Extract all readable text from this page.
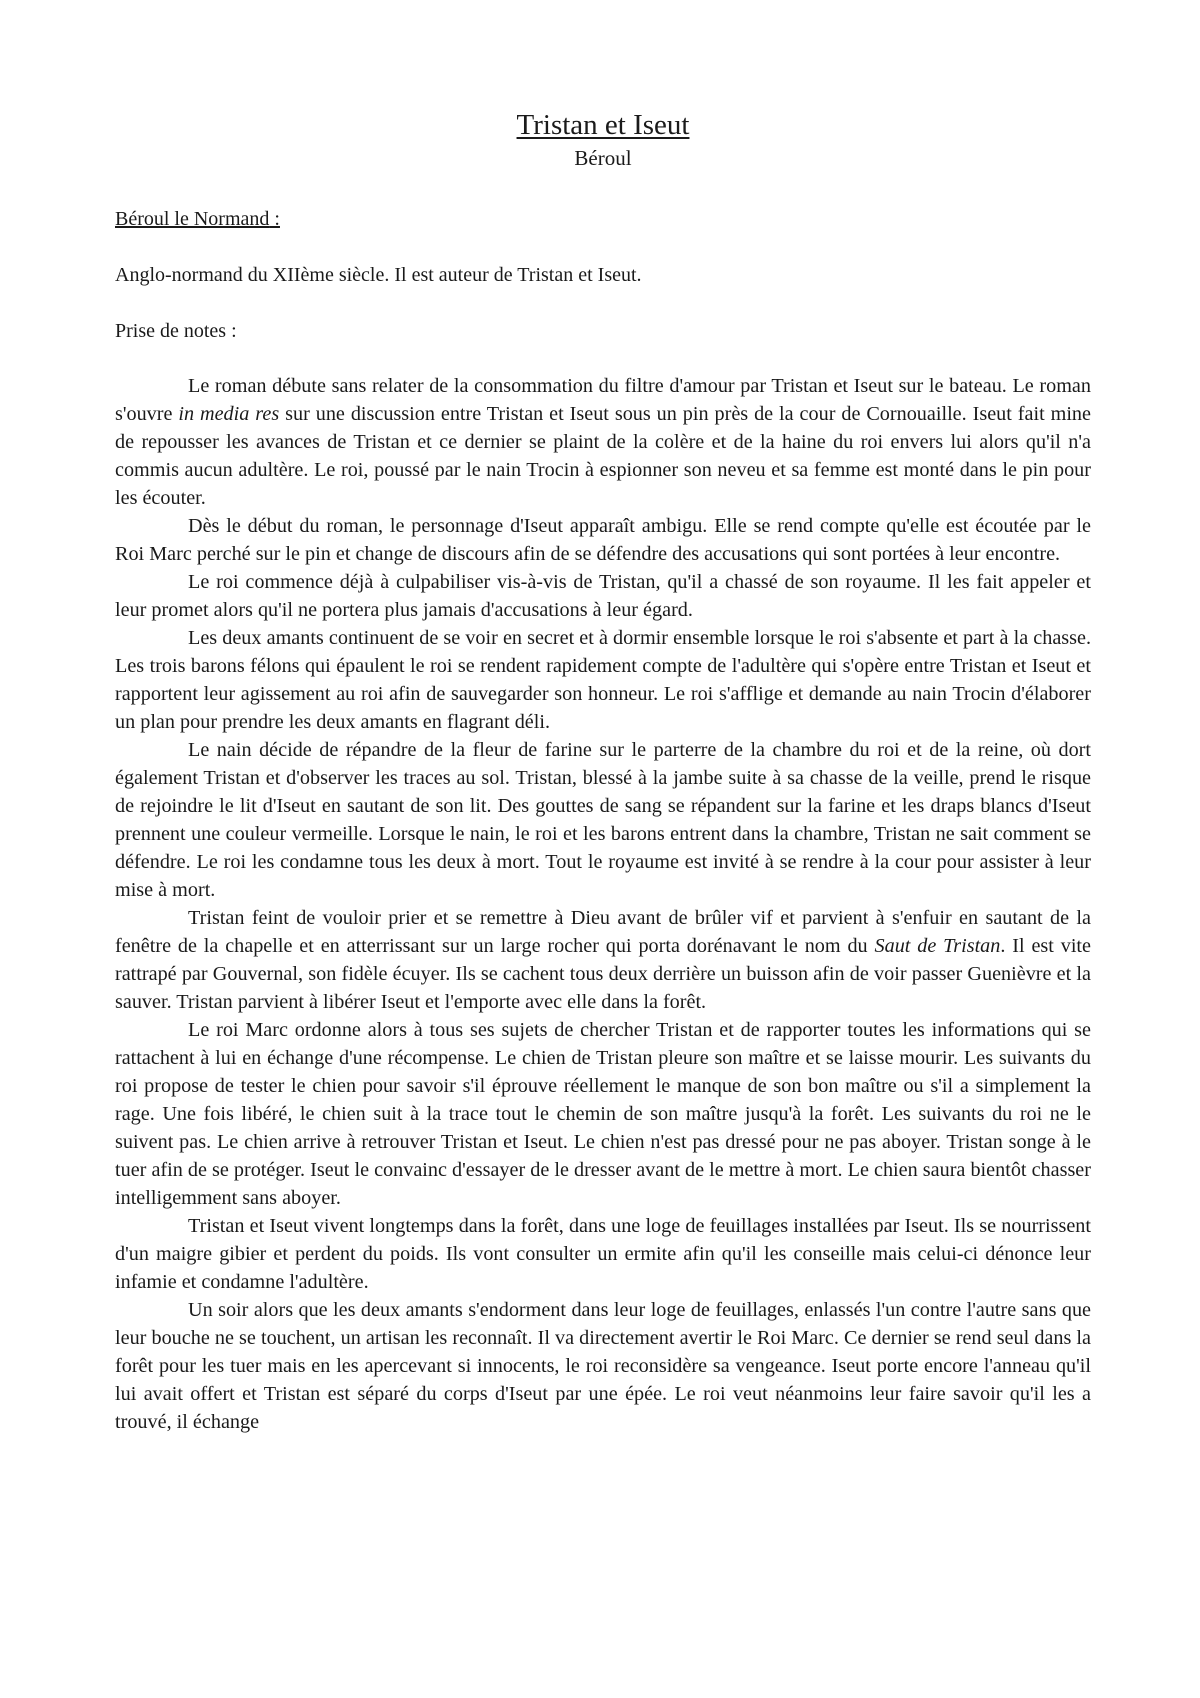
Tristan et Iseut
Béroul

Béroul le Normand :

Anglo-normand du XIIème siècle. Il est auteur de Tristan et Iseut.

Prise de notes :

Le roman débute sans relater de la consommation du filtre d'amour par Tristan et Iseut sur le bateau. Le roman s'ouvre in media res sur une discussion entre Tristan et Iseut sous un pin près de la cour de Cornouaille. Iseut fait mine de repousser les avances de Tristan et ce dernier se plaint de la colère et de la haine du roi envers lui alors qu'il n'a commis aucun adultère. Le roi, poussé par le nain Trocin à espionner son neveu et sa femme est monté dans le pin pour les écouter.

Dès le début du roman, le personnage d'Iseut apparaît ambigu. Elle se rend compte qu'elle est écoutée par le Roi Marc perché sur le pin et change de discours afin de se défendre des accusations qui sont portées à leur encontre.

Le roi commence déjà à culpabiliser vis-à-vis de Tristan, qu'il a chassé de son royaume. Il les fait appeler et leur promet alors qu'il ne portera plus jamais d'accusations à leur égard.

Les deux amants continuent de se voir en secret et à dormir ensemble lorsque le roi s'absente et part à la chasse. Les trois barons félons qui épaulent le roi se rendent rapidement compte de l'adultère qui s'opère entre Tristan et Iseut et rapportent leur agissement au roi afin de sauvegarder son honneur. Le roi s'afflige et demande au nain Trocin d'élaborer un plan pour prendre les deux amants en flagrant déli.

Le nain décide de répandre de la fleur de farine sur le parterre de la chambre du roi et de la reine, où dort également Tristan et d'observer les traces au sol. Tristan, blessé à la jambe suite à sa chasse de la veille, prend le risque de rejoindre le lit d'Iseut en sautant de son lit. Des gouttes de sang se répandent sur la farine et les draps blancs d'Iseut prennent une couleur vermeille. Lorsque le nain, le roi et les barons entrent dans la chambre, Tristan ne sait comment se défendre. Le roi les condamne tous les deux à mort. Tout le royaume est invité à se rendre à la cour pour assister à leur mise à mort.

Tristan feint de vouloir prier et se remettre à Dieu avant de brûler vif et parvient à s'enfuir en sautant de la fenêtre de la chapelle et en atterrissant sur un large rocher qui porta dorénavant le nom du Saut de Tristan. Il est vite rattrapé par Gouvernal, son fidèle écuyer. Ils se cachent tous deux derrière un buisson afin de voir passer Guenièvre et la sauver. Tristan parvient à libérer Iseut et l'emporte avec elle dans la forêt.

Le roi Marc ordonne alors à tous ses sujets de chercher Tristan et de rapporter toutes les informations qui se rattachent à lui en échange d'une récompense. Le chien de Tristan pleure son maître et se laisse mourir. Les suivants du roi propose de tester le chien pour savoir s'il éprouve réellement le manque de son bon maître ou s'il a simplement la rage. Une fois libéré, le chien suit à la trace tout le chemin de son maître jusqu'à la forêt. Les suivants du roi ne le suivent pas. Le chien arrive à retrouver Tristan et Iseut. Le chien n'est pas dressé pour ne pas aboyer. Tristan songe à le tuer afin de se protéger. Iseut le convainc d'essayer de le dresser avant de le mettre à mort. Le chien saura bientôt chasser intelligemment sans aboyer.

Tristan et Iseut vivent longtemps dans la forêt, dans une loge de feuillages installées par Iseut. Ils se nourrissent d'un maigre gibier et perdent du poids. Ils vont consulter un ermite afin qu'il les conseille mais celui-ci dénonce leur infamie et condamne l'adultère.

Un soir alors que les deux amants s'endorment dans leur loge de feuillages, enlassés l'un contre l'autre sans que leur bouche ne se touchent, un artisan les reconnaît. Il va directement avertir le Roi Marc. Ce dernier se rend seul dans la forêt pour les tuer mais en les apercevant si innocents, le roi reconsidère sa vengeance. Iseut porte encore l'anneau qu'il lui avait offert et Tristan est séparé du corps d'Iseut par une épée. Le roi veut néanmoins leur faire savoir qu'il les a trouvé, il échange
